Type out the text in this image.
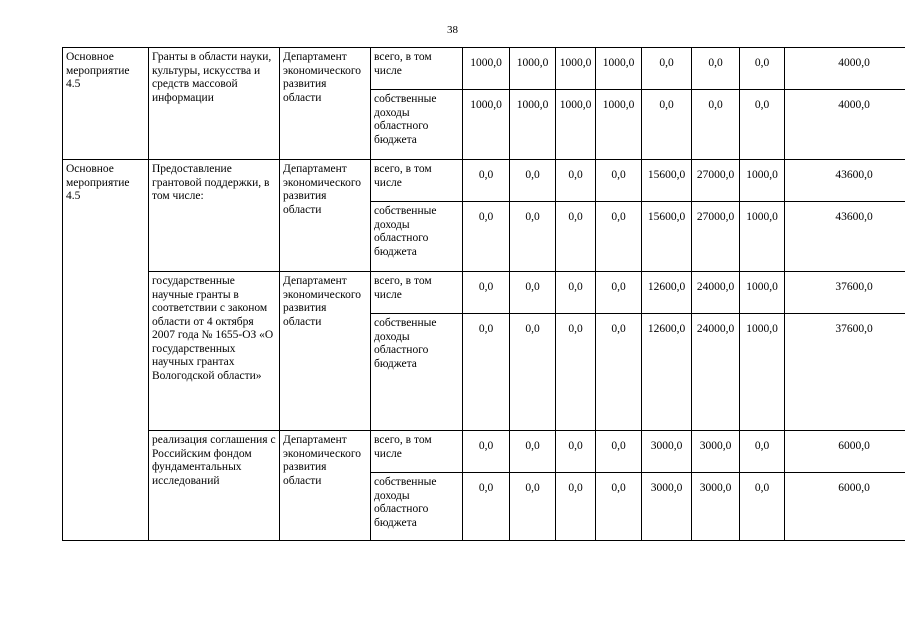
38
Основное мероприятие 4.5	Гранты в области науки, культуры, искусства и средств массовой информации	Департамент экономического развития области	всего, в том числе	1000,0	1000,0	1000,0	1000,0	0,0	0,0	0,0	4000,0
			собственные доходы областного бюджета	1000,0	1000,0	1000,0	1000,0	0,0	0,0	0,0	4000,0
Основное мероприятие 4.5	Предоставление грантовой поддержки, в том числе:	Департамент экономического развития области	всего, в том числе	0,0	0,0	0,0	0,0	15600,0	27000,0	1000,0	43600,0
			собственные доходы областного бюджета	0,0	0,0	0,0	0,0	15600,0	27000,0	1000,0	43600,0
	государственные научные гранты в соответствии с законом области от 4 октября 2007 года № 1655-ОЗ «О государственных научных грантах Вологодской области»	Департамент экономического развития области	всего, в том числе	0,0	0,0	0,0	0,0	12600,0	24000,0	1000,0	37600,0
			собственные доходы областного бюджета	0,0	0,0	0,0	0,0	12600,0	24000,0	1000,0	37600,0
	реализация соглашения с Российским фондом фундаментальных исследований	Департамент экономического развития области	всего, в том числе	0,0	0,0	0,0	0,0	3000,0	3000,0	0,0	6000,0
			собственные доходы областного бюджета	0,0	0,0	0,0	0,0	3000,0	3000,0	0,0	6000,0
